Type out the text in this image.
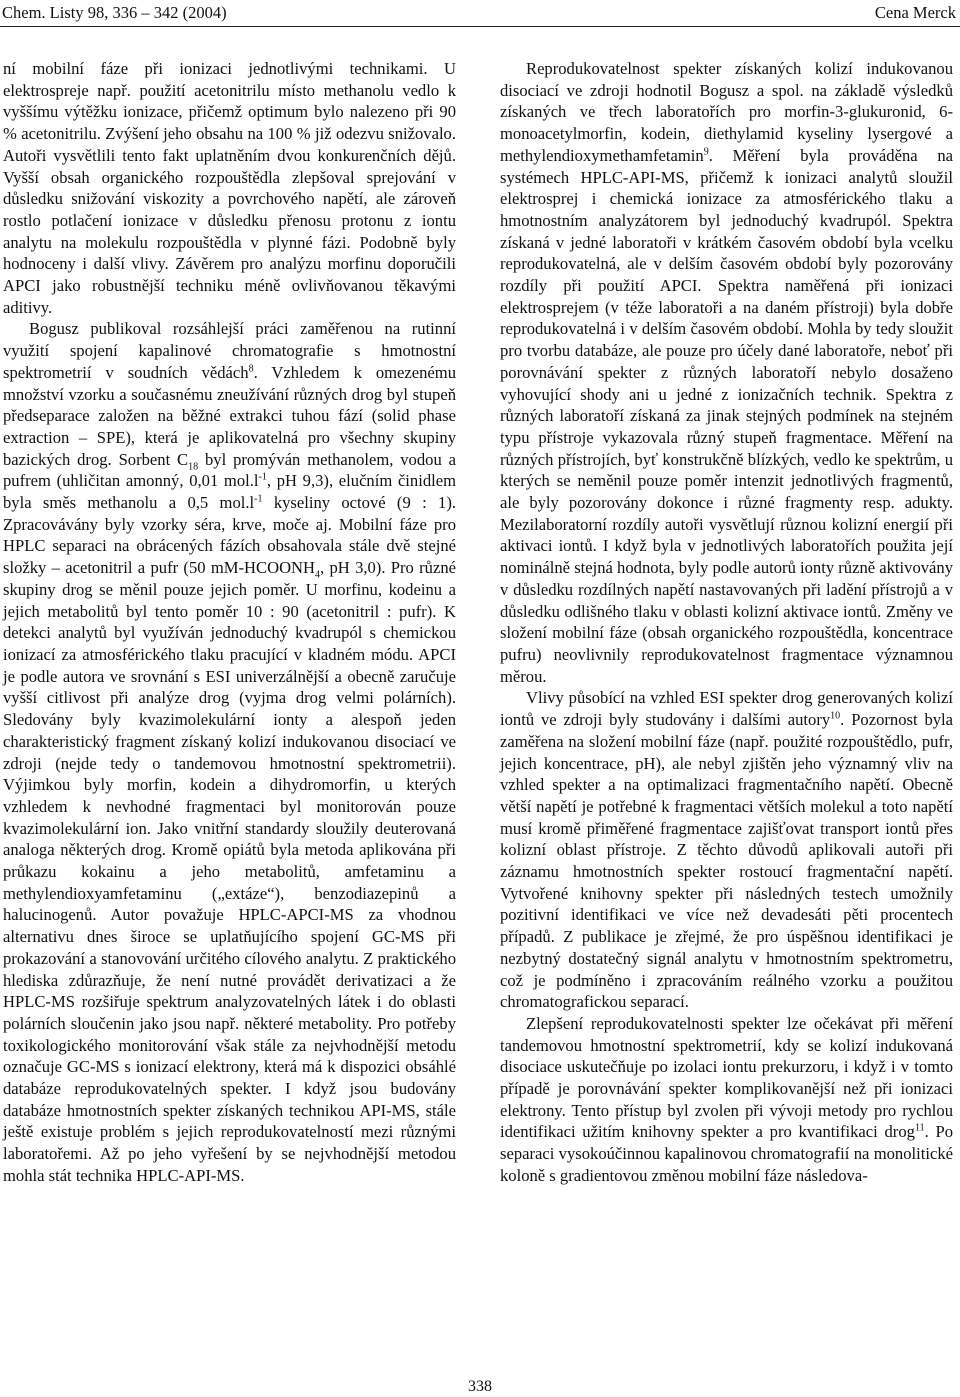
Chem. Listy 98, 336 – 342 (2004)	Cena Merck

ní mobilní fáze při ionizaci jednotlivými technikami. U elektrospreje např. použití acetonitrilu místo methanolu vedlo k vyššímu výtěžku ionizace, přičemž optimum bylo nalezeno při 90 % acetonitrilu. Zvýšení jeho obsahu na 100 % již odezvu snižovalo. Autoři vysvětlili tento fakt uplatněním dvou konkurenčních dějů. Vyšší obsah organického rozpouštědla zlepšoval sprejování v důsledku snižování viskozity a povrchového napětí, ale zároveň rostlo potlačení ionizace v důsledku přenosu protonu z iontu analytu na molekulu rozpouštědla v plynné fázi. Podobně byly hodnoceny i další vlivy. Závěrem pro analýzu morfinu doporučili APCI jako robustnější techniku méně ovlivňovanou těkavými aditivy.

Bogusz publikoval rozsáhlejší práci zaměřenou na rutinní využití spojení kapalinové chromatografie s hmotnostní spektrometrií v soudních vědách$^8$. Vzhledem k omezenému množství vzorku a současnému zneužívání různých drog byl stupeň předseparace založen na běžné extrakci tuhou fází (solid phase extraction – SPE), která je aplikovatelná pro všechny skupiny bazických drog. Sorbent $C_{18}$ byl promýván methanolem, vodou a pufrem (uhličitan amonný, 0,01 $mol.l^{-1}$, pH 9,3), elučním činidlem byla směs methanolu a 0,5 $mol.l^{-1}$ kyseliny octové (9 : 1). Zpracovávány byly vzorky séra, krve, moče aj. Mobilní fáze pro HPLC separaci na obrácených fázích obsahovala stále dvě stejné složky – acetonitril a pufr (50 $mM-HCOONH_4$, pH 3,0). Pro různé skupiny drog se měnil pouze jejich poměr. U morfinu, kodeinu a jejich metabolitů byl tento poměr 10 : 90 (acetonitril : pufr). K detekci analytů byl využíván jednoduchý kvadrupól s chemickou ionizací za atmosférického tlaku pracující v kladném módu. APCI je podle autora ve srovnání s ESI univerzálnější a obecně zaručuje vyšší citlivost při analýze drog (vyjma drog velmi polárních). Sledovány byly kvazimolekulární ionty a alespoň jeden charakteristický fragment získaný kolizí indukovanou disociací ve zdroji (nejde tedy o tandemovou hmotnostní spektrometrii). Výjimkou byly morfin, kodein a dihydromorfin, u kterých vzhledem k nevhodné fragmentaci byl monitorován pouze kvazimolekulární ion. Jako vnitřní standardy sloužily deuterovaná analoga některých drog. Kromě opiátů byla metoda aplikována při průkazu kokainu a jeho metabolitů, amfetaminu a methylendioxyamfetaminu („extáze“), benzodiazepinů a halucinogenů. Autor považuje HPLC-APCI-MS za vhodnou alternativu dnes široce se uplatňujícího spojení GC-MS při prokazování a stanovování určitého cílového analytu. Z praktického hlediska zdůrazňuje, že není nutné provádět derivatizaci a že HPLC-MS rozšiřuje spektrum analyzovatelných látek i do oblasti polárních sloučenin jako jsou např. některé metabolity. Pro potřeby toxikologického monitorování však stále za nejvhodnější metodu označuje GC-MS s ionizací elektrony, která má k dispozici obsáhlé databáze reprodukovatelných spekter. I když jsou budovány databáze hmotnostních spekter získaných technikou API-MS, stále ještě existuje problém s jejich reprodukovatelností mezi různými laboratořemi. Až po jeho vyřešení by se nejvhodnější metodou mohla stát technika HPLC-API-MS.

Reprodukovatelnost spekter získaných kolizí indukovanou disociací ve zdroji hodnotil Bogusz a spol. na základě výsledků získaných ve třech laboratořích pro morfin-3-glukuronid, 6-monoacetylmorfin, kodein, diethylamid kyseliny lysergové a methylendioxymethamfetamin$^9$. Měření byla prováděna na systémech HPLC-API-MS, přičemž k ionizaci analytů sloužil elektrosprej i chemická ionizace za atmosférického tlaku a hmotnostním analyzátorem byl jednoduchý kvadrupól. Spektra získaná v jedné laboratoři v krátkém časovém období byla vcelku reprodukovatelná, ale v delším časovém období byly pozorovány rozdíly při použití APCI. Spektra naměřená při ionizaci elektrosprejem (v téže laboratoři a na daném přístroji) byla dobře reprodukovatelná i v delším časovém období. Mohla by tedy sloužit pro tvorbu databáze, ale pouze pro účely dané laboratoře, neboť při porovnávání spekter z různých laboratoří nebylo dosaženo vyhovující shody ani u jedné z ionizačních technik. Spektra z různých laboratoří získaná za jinak stejných podmínek na stejném typu přístroje vykazovala různý stupeň fragmentace. Měření na různých přístrojích, byť konstrukčně blízkých, vedlo ke spektrům, u kterých se neměnil pouze poměr intenzit jednotlivých fragmentů, ale byly pozorovány dokonce i různé fragmenty resp. adukty. Mezilaboratorní rozdíly autoři vysvětlují různou kolizní energií při aktivaci iontů. I když byla v jednotlivých laboratořích použita její nominálně stejná hodnota, byly podle autorů ionty různě aktivovány v důsledku rozdílných napětí nastavovaných při ladění přístrojů a v důsledku odlišného tlaku v oblasti kolizní aktivace iontů. Změny ve složení mobilní fáze (obsah organického rozpouštědla, koncentrace pufru) neovlivnily reprodukovatelnost fragmentace významnou měrou.

Vlivy působící na vzhled ESI spekter drog generovaných kolizí iontů ve zdroji byly studovány i dalšími autory$^{10}$. Pozornost byla zaměřena na složení mobilní fáze (např. použité rozpouštědlo, pufr, jejich koncentrace, pH), ale nebyl zjištěn jeho významný vliv na vzhled spekter a na optimalizaci fragmentačního napětí. Obecně větší napětí je potřebné k fragmentaci větších molekul a toto napětí musí kromě přiměřené fragmentace zajišťovat transport iontů přes kolizní oblast přístroje. Z těchto důvodů aplikovali autoři při záznamu hmotnostních spekter rostoucí fragmentační napětí. Vytvořené knihovny spekter při následných testech umožnily pozitivní identifikaci ve více než devadesáti pěti procentech případů. Z publikace je zřejmé, že pro úspěšnou identifikaci je nezbytný dostatečný signál analytu v hmotnostním spektrometru, což je podmíněno i zpracováním reálného vzorku a použitou chromatografickou separací.

Zlepšení reprodukovatelnosti spekter lze očekávat při měření tandemovou hmotnostní spektrometrií, kdy se kolizí indukovaná disociace uskutečňuje po izolaci iontu prekurzoru, i když i v tomto případě je porovnávání spekter komplikovanější než při ionizaci elektrony. Tento přístup byl zvolen při vývoji metody pro rychlou identifikaci užitím knihovny spekter a pro kvantifikaci drog$^{11}$. Po separaci vysokoúčinnou kapalinovou chromatografií na monolitické koloně s gradientovou změnou mobilní fáze následova-

338
